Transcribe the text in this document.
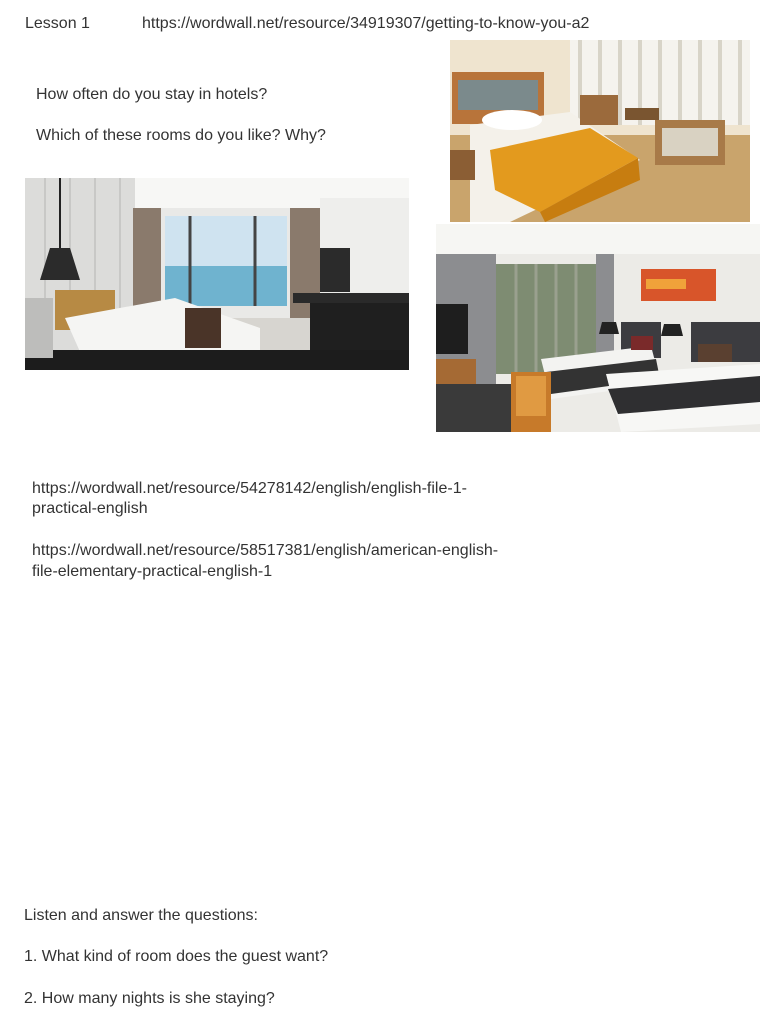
Lesson 1	https://wordwall.net/resource/34919307/getting-to-know-you-a2

How often do you stay in hotels?

Which of these rooms do you like? Why?

https://wordwall.net/resource/54278142/english/english-file-1-
practical-english
https://wordwall.net/resource/58517381/english/american-english-
file-elementary-practical-english-1

Listen and answer the questions:

1. What kind of room does the guest want?

2. How many nights is she staying?
